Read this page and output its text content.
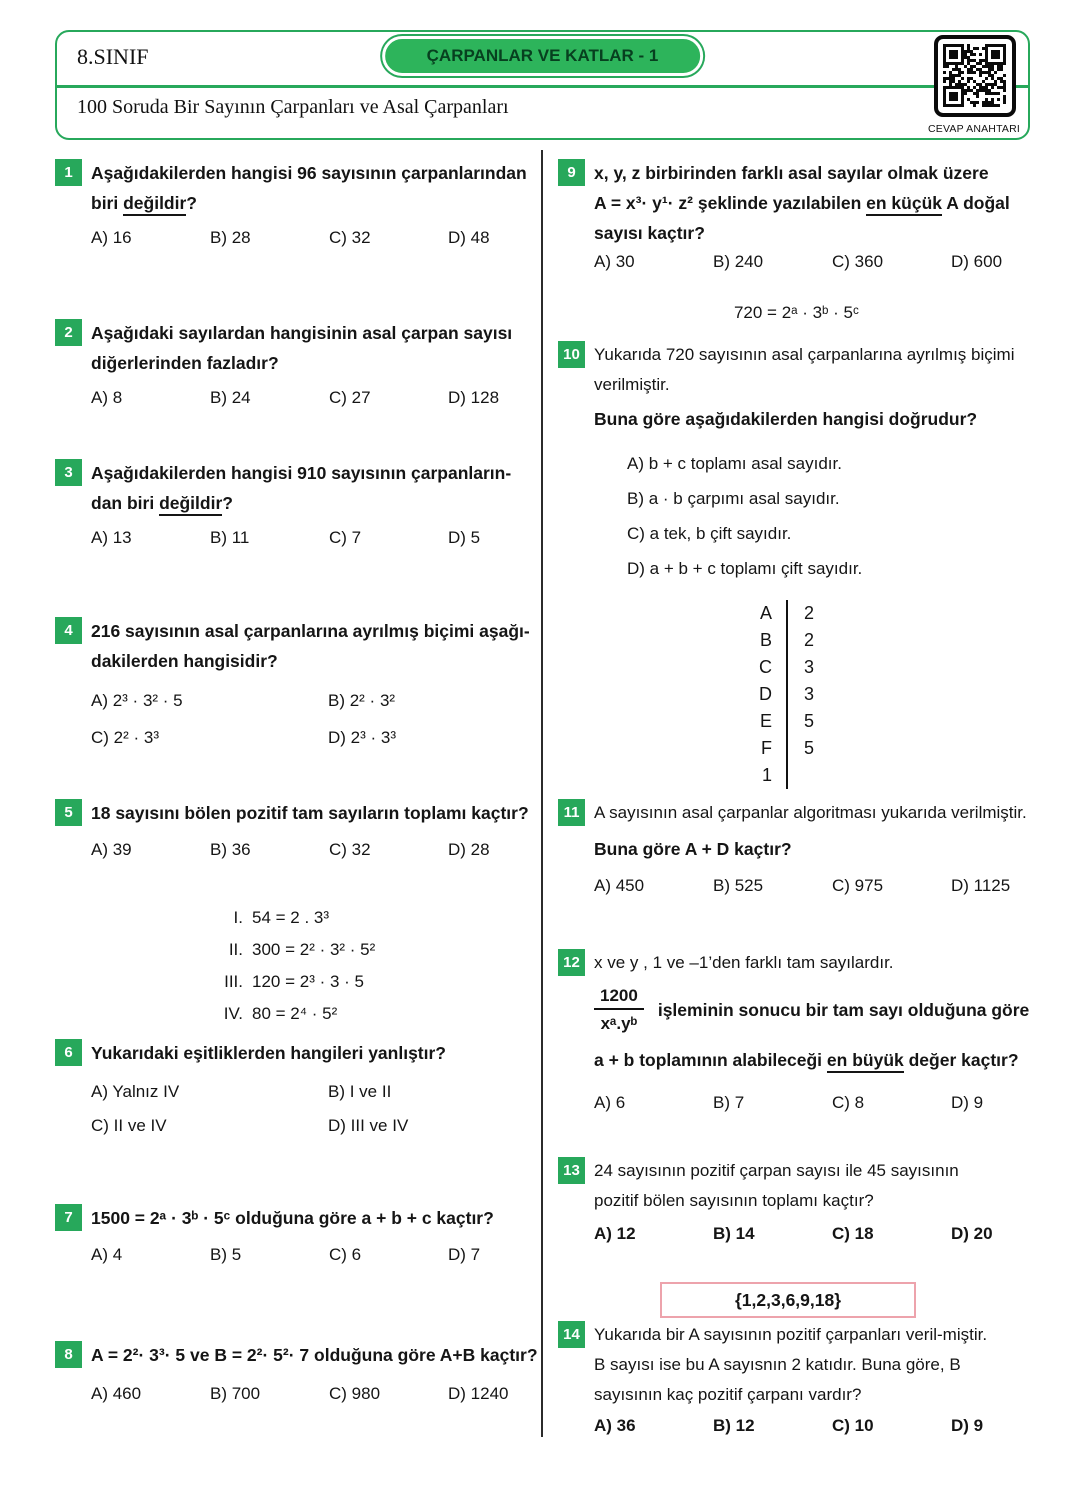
8.SINIF	ÇARPANLAR VE KATLAR - 1
100 Soruda Bir Sayının Çarpanları ve Asal Çarpanları
CEVAP ANAHTARI
1	Aşağıdakilerden hangisi 96 sayısının çarpanlarından
biri değildir?
A) 16	B) 28	C) 32	D) 48
2	Aşağıdaki sayılardan hangisinin asal çarpan sayısı
diğerlerinden fazladır?
A) 8	B) 24	C) 27	D) 128
3	Aşağıdakilerden hangisi 910 sayısının çarpanların-
dan biri değildir?
A) 13	B) 11	C) 7	D) 5
4	216 sayısının asal çarpanlarına ayrılmış biçimi aşağı-
dakilerden hangisidir?
A) 2³ · 3² · 5	B) 2² · 3²
C) 2² · 3³	D) 2³ · 3³
5	18 sayısını bölen pozitif tam sayıların toplamı kaçtır?
A) 39	B) 36	C) 32	D) 28
I. 54 = 2 . 3³
II. 300 = 2² · 3² · 5²
III. 120 = 2³ · 3 · 5
IV. 80 = 2⁴ · 5²
6	Yukarıdaki eşitliklerden hangileri yanlıştır?
A) Yalnız IV	B) I ve II
C) II ve IV	D) III ve IV
7	1500 = 2ᵃ · 3ᵇ · 5ᶜ olduğuna göre a + b + c kaçtır?
A) 4	B) 5	C) 6	D) 7
8	A = 2²· 3³· 5 ve B = 2²· 5²· 7 olduğuna göre A+B kaçtır?
A) 460	B) 700	C) 980	D) 1240
9	x, y, z birbirinden farklı asal sayılar olmak üzere
A = x³· y¹· z² şeklinde yazılabilen en küçük A doğal
sayısı kaçtır?
A) 30	B) 240	C) 360	D) 600
720 = 2ᵃ · 3ᵇ · 5ᶜ
10 Yukarıda 720 sayısının asal çarpanlarına ayrılmış biçimi
verilmiştir.
Buna göre aşağıdakilerden hangisi doğrudur?
A) b + c toplamı asal sayıdır.
B) a · b çarpımı asal sayıdır.
C) a tek, b çift sayıdır.
D) a + b + c toplamı çift sayıdır.
A	2
B	2
C	3
D	3
E	5
F	5
1
11 A sayısının asal çarpanlar algoritması yukarıda verilmiştir.
Buna göre A + D kaçtır?
A) 450	B) 525	C) 975	D) 1125
12 x ve y , 1 ve –1’den farklı tam sayılardır.
$\frac{1200}{\text{xᵃ.yᵇ}}$ işleminin sonucu bir tam sayı olduğuna göre
a + b toplamının alabileceği en büyük değer kaçtır?
A) 6	B) 7	C) 8	D) 9
13 24 sayısının pozitif çarpan sayısı ile 45 sayısının
pozitif bölen sayısının toplamı kaçtır?
A) 12	B) 14	C) 18	D) 20
{1,2,3,6,9,18}
14 Yukarıda bir A sayısının pozitif çarpanları veril-miştir.
B sayısı ise bu A sayısnın 2 katıdır. Buna göre, B
sayısının kaç pozitif çarpanı vardır?
A) 36	B) 12	C) 10	D) 9
